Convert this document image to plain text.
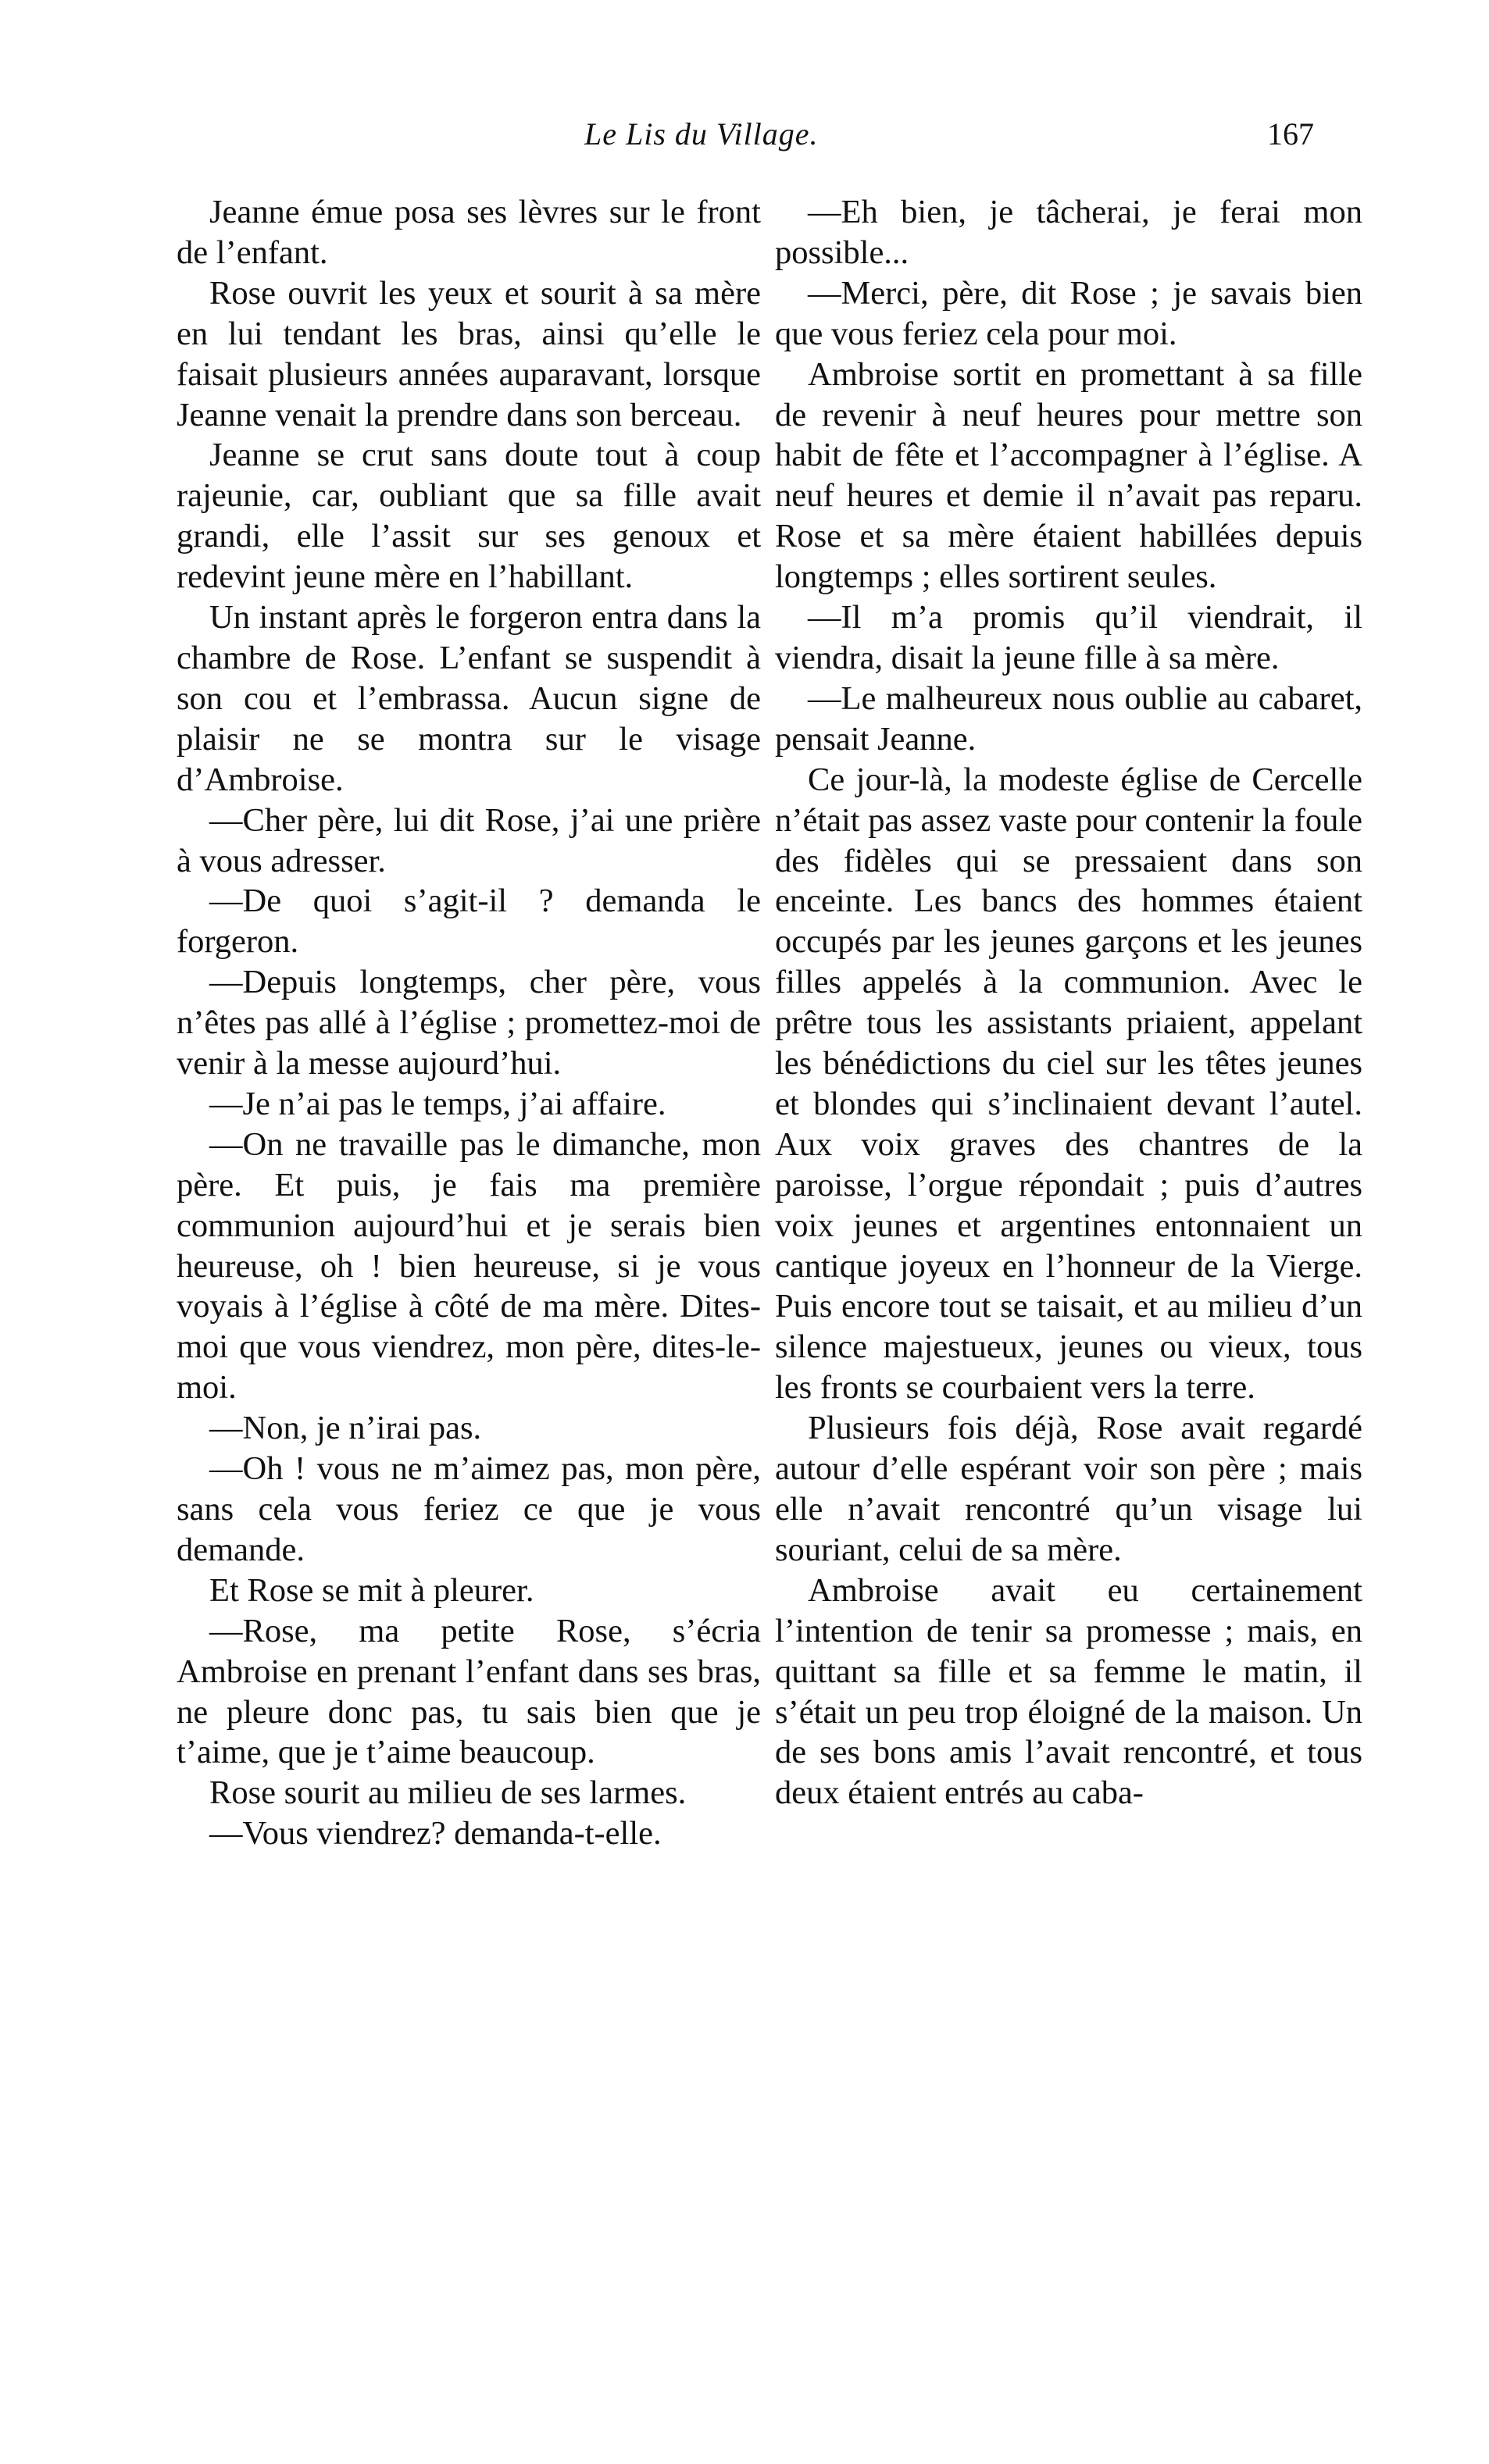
Le Lis du Village.	167

Jeanne émue posa ses lèvres sur le front de l’enfant.

Rose ouvrit les yeux et sourit à sa mère en lui tendant les bras, ainsi qu’elle le faisait plusieurs années auparavant, lorsque Jeanne venait la prendre dans son berceau.

Jeanne se crut sans doute tout à coup rajeunie, car, oubliant que sa fille avait grandi, elle l’assit sur ses genoux et redevint jeune mère en l’habillant.

Un instant après le forgeron entra dans la chambre de Rose. L’enfant se suspendit à son cou et l’embrassa. Aucun signe de plaisir ne se montra sur le visage d’Ambroise.

—Cher père, lui dit Rose, j’ai une prière à vous adresser.

—De quoi s’agit-il ? demanda le forgeron.

—Depuis longtemps, cher père, vous n’êtes pas allé à l’église ; promettez-moi de venir à la messe aujourd’hui.

—Je n’ai pas le temps, j’ai affaire.

—On ne travaille pas le dimanche, mon père. Et puis, je fais ma première communion aujourd’hui et je serais bien heureuse, oh ! bien heureuse, si je vous voyais à l’église à côté de ma mère. Dites-moi que vous viendrez, mon père, dites-le-moi.

—Non, je n’irai pas.

—Oh ! vous ne m’aimez pas, mon père, sans cela vous feriez ce que je vous demande.

Et Rose se mit à pleurer.

—Rose, ma petite Rose, s’écria Ambroise en prenant l’enfant dans ses bras, ne pleure donc pas, tu sais bien que je t’aime, que je t’aime beaucoup.

Rose sourit au milieu de ses larmes.

—Vous viendrez? demanda-t-elle.

—Eh bien, je tâcherai, je ferai mon possible...

—Merci, père, dit Rose ; je savais bien que vous feriez cela pour moi.

Ambroise sortit en promettant à sa fille de revenir à neuf heures pour mettre son habit de fête et l’accompagner à l’église. A neuf heures et demie il n’avait pas reparu. Rose et sa mère étaient habillées depuis longtemps ; elles sortirent seules.

—Il m’a promis qu’il viendrait, il viendra, disait la jeune fille à sa mère.

—Le malheureux nous oublie au cabaret, pensait Jeanne.

Ce jour-là, la modeste église de Cercelle n’était pas assez vaste pour contenir la foule des fidèles qui se pressaient dans son enceinte. Les bancs des hommes étaient occupés par les jeunes garçons et les jeunes filles appelés à la communion. Avec le prêtre tous les assistants priaient, appelant les bénédictions du ciel sur les têtes jeunes et blondes qui s’inclinaient devant l’autel. Aux voix graves des chantres de la paroisse, l’orgue répondait ; puis d’autres voix jeunes et argentines entonnaient un cantique joyeux en l’honneur de la Vierge. Puis encore tout se taisait, et au milieu d’un silence majestueux, jeunes ou vieux, tous les fronts se courbaient vers la terre.

Plusieurs fois déjà, Rose avait regardé autour d’elle espérant voir son père ; mais elle n’avait rencontré qu’un visage lui souriant, celui de sa mère.

Ambroise avait eu certainement l’intention de tenir sa promesse ; mais, en quittant sa fille et sa femme le matin, il s’était un peu trop éloigné de la maison. Un de ses bons amis l’avait rencontré, et tous deux étaient entrés au caba-
